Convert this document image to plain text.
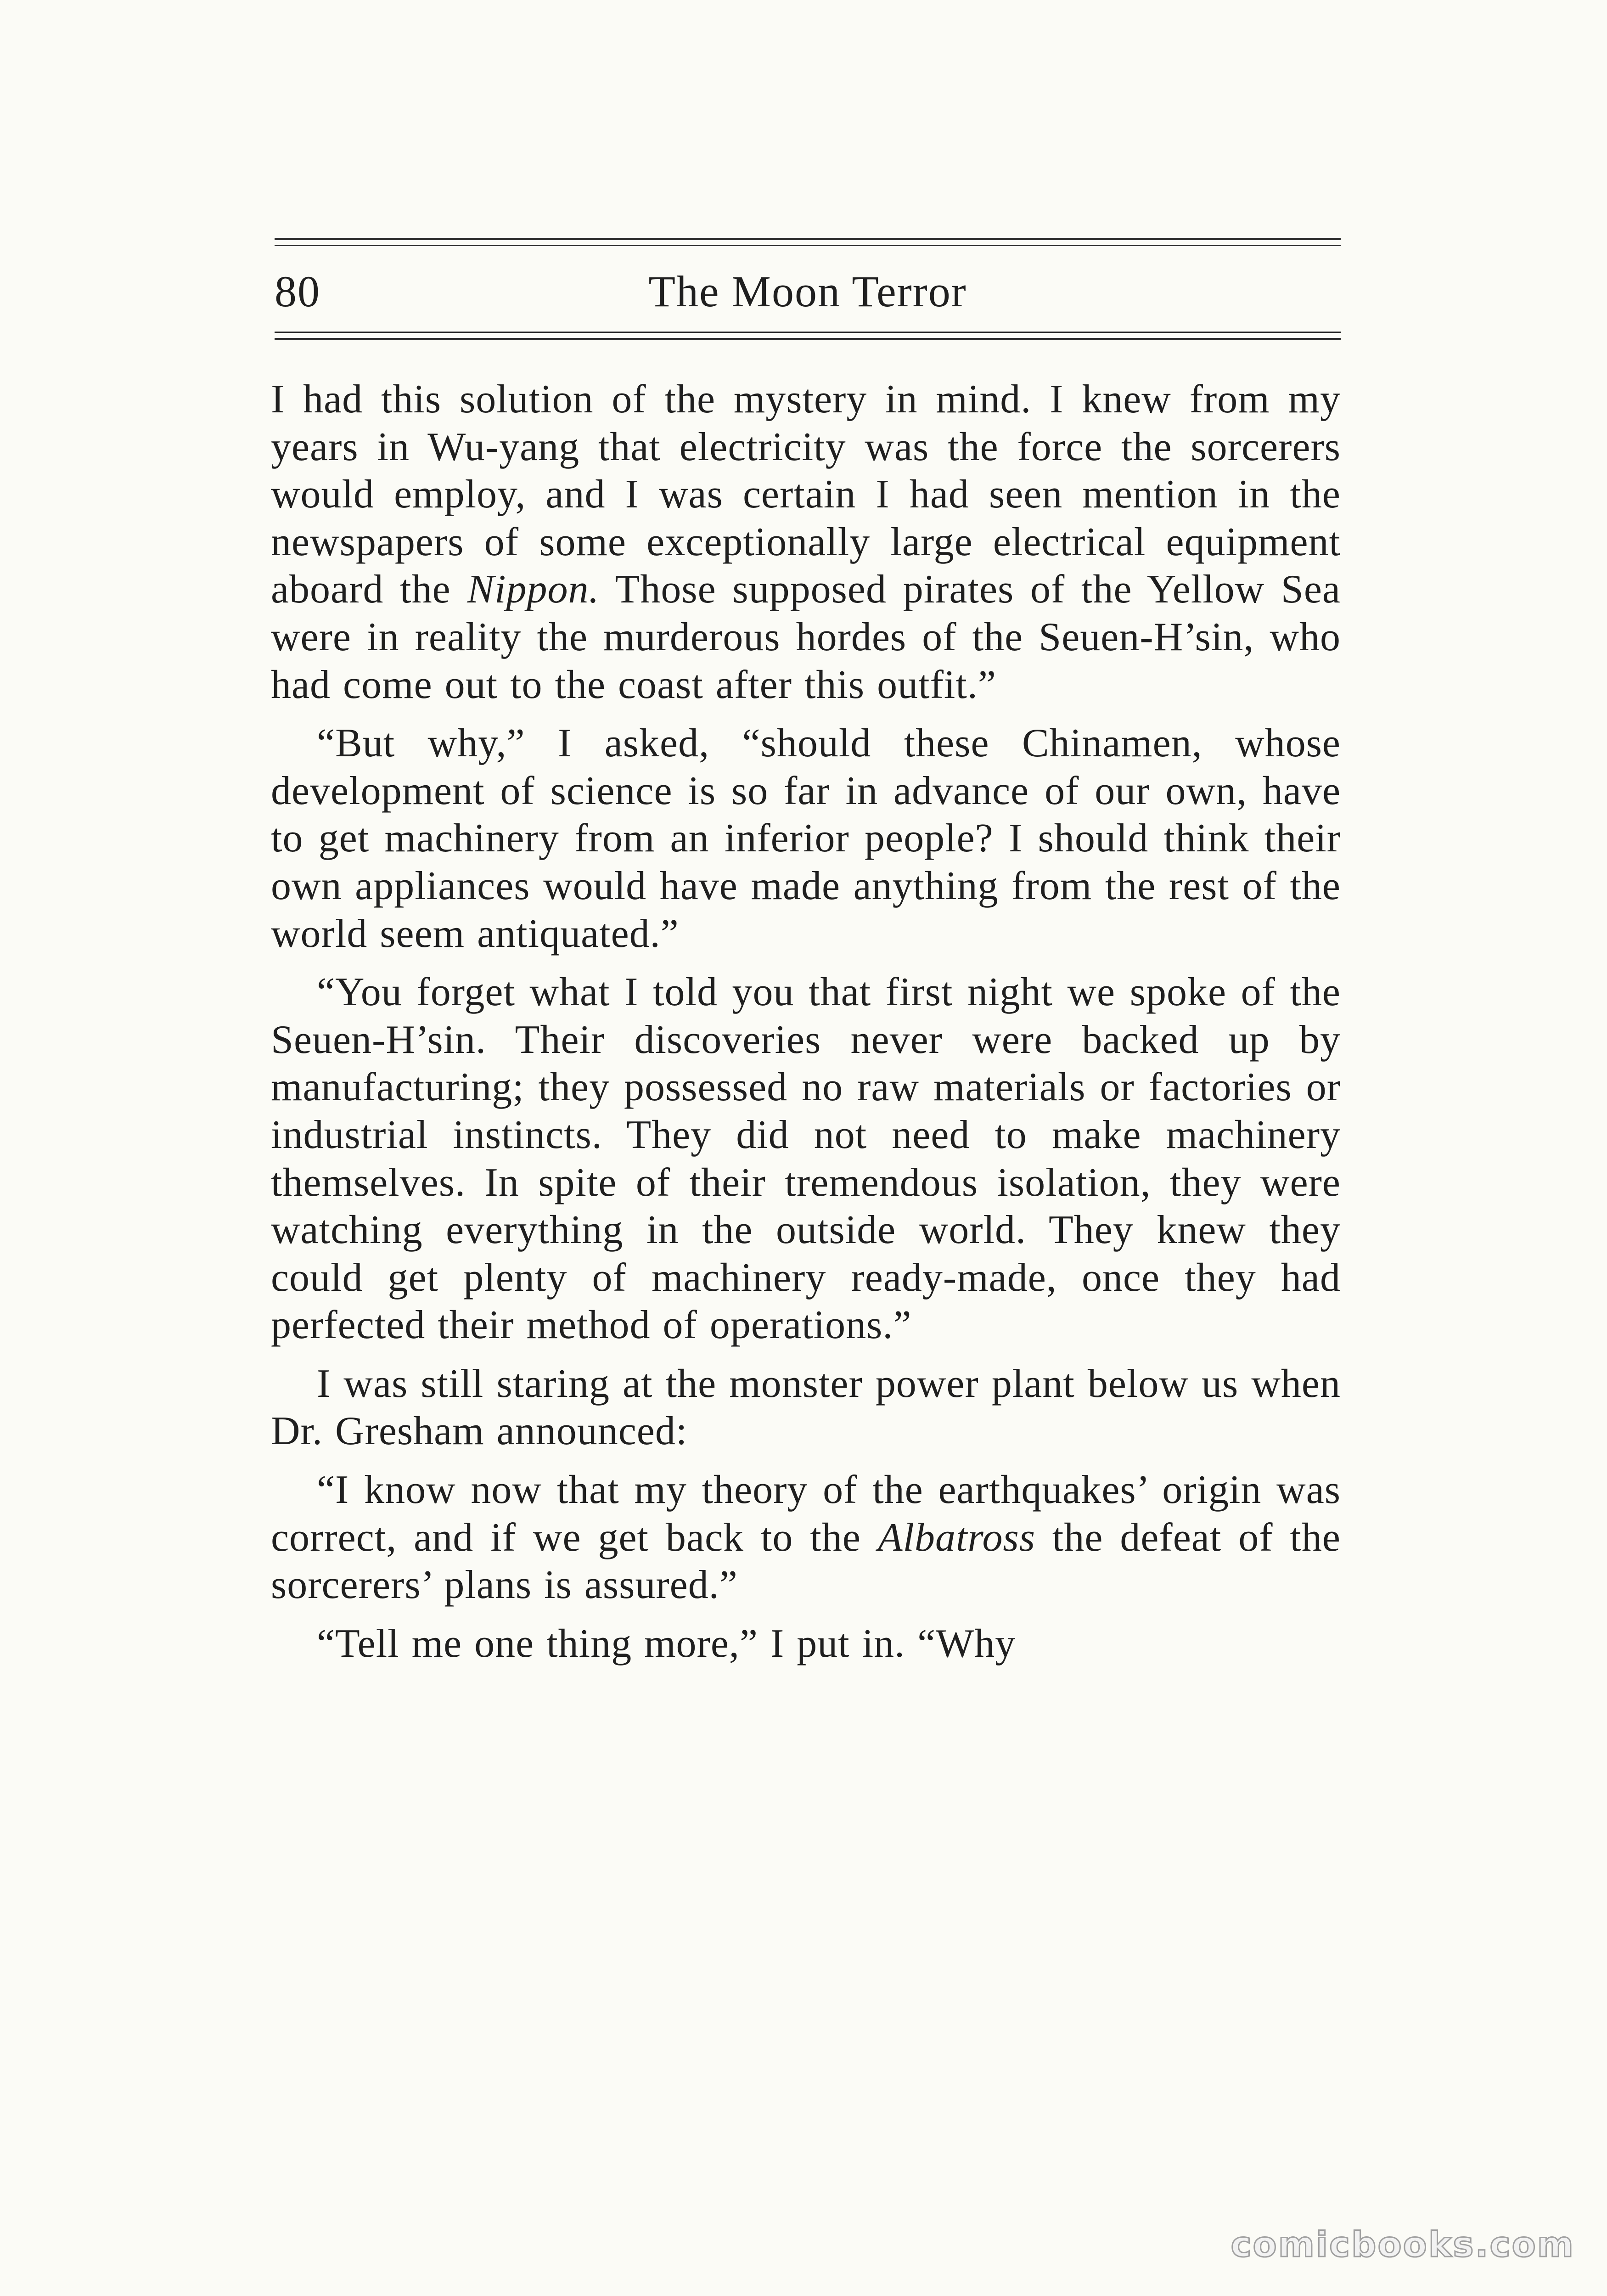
80	The Moon Terror

I had this solution of the mystery in mind. I knew from my years in Wu-yang that electricity was the force the sorcerers would employ, and I was certain I had seen mention in the newspapers of some exceptionally large electrical equipment aboard the Nippon. Those supposed pirates of the Yellow Sea were in reality the murderous hordes of the Seuen-H’sin, who had come out to the coast after this outfit.”

“But why,” I asked, “should these Chinamen, whose development of science is so far in advance of our own, have to get machinery from an inferior people? I should think their own appliances would have made anything from the rest of the world seem antiquated.”

“You forget what I told you that first night we spoke of the Seuen-H’sin. Their discoveries never were backed up by manufacturing; they possessed no raw materials or factories or industrial instincts. They did not need to make machinery themselves. In spite of their tremendous isolation, they were watching everything in the outside world. They knew they could get plenty of machinery ready-made, once they had perfected their method of operations.”

I was still staring at the monster power plant below us when Dr. Gresham announced:

“I know now that my theory of the earthquakes’ origin was correct, and if we get back to the Albatross the defeat of the sorcerers’ plans is assured.”

“Tell me one thing more,” I put in. “Why

comicbooks.com
